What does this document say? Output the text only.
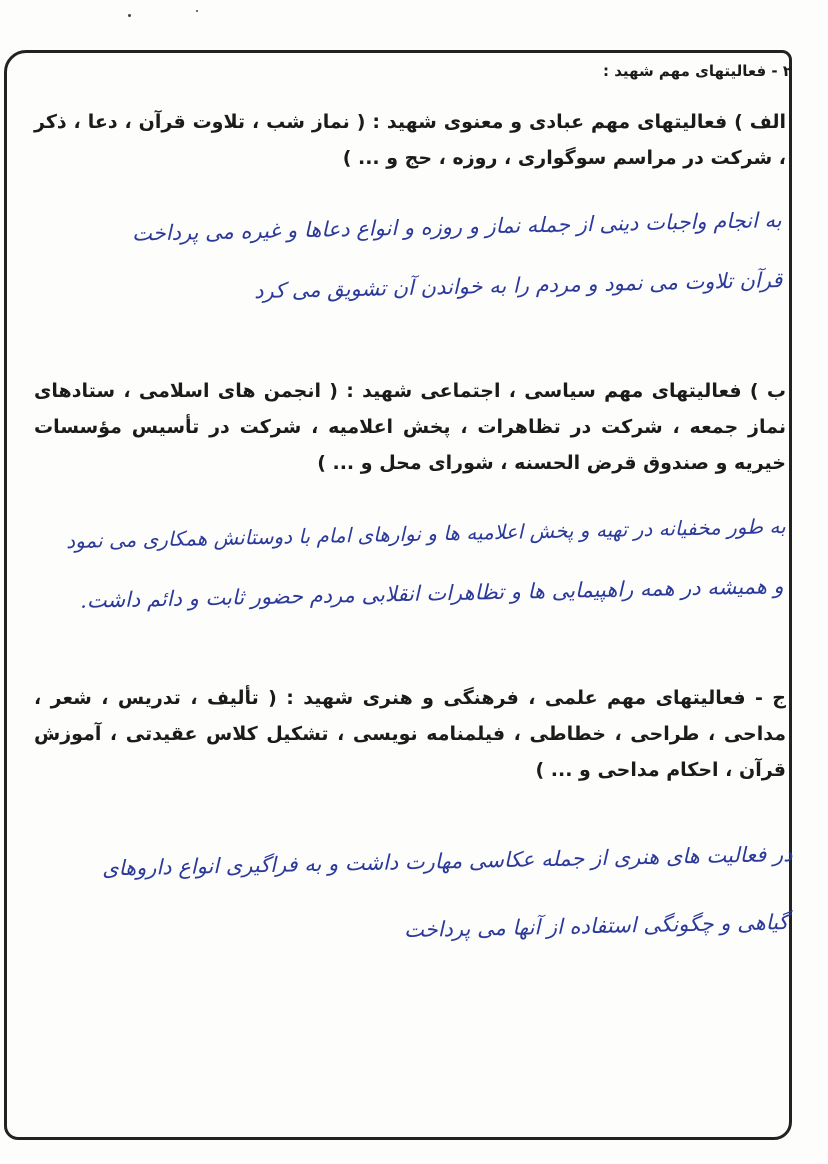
۲ - فعالیتهای مهم شهید :
الف ) فعالیتهای مهم عبادی و معنوی شهید : ( نماز شب ، تلاوت قرآن ، دعا ، ذکر ، شرکت در مراسم سوگواری ، روزه ، حج و ... )
به انجام واجبات دینی از جمله نماز و روزه و انواع دعاها و غیره می پرداخت
قرآن تلاوت می نمود و مردم را به خواندن آن تشویق می کرد
ب ) فعالیتهای مهم سیاسی ، اجتماعی شهید : ( انجمن های اسلامی ، ستادهای نماز جمعه ، شرکت در تظاهرات ، پخش اعلامیه ، شرکت در تأسیس مؤسسات خیریه و صندوق قرض الحسنه ، شورای محل و ... )
به طور مخفیانه در تهیه و پخش اعلامیه ها و نوارهای امام با دوستانش همکاری می نمود
و همیشه در همه راهپیمایی ها و تظاهرات انقلابی مردم حضور ثابت و دائم داشت.
ج - فعالیتهای مهم علمی ، فرهنگی و هنری شهید : ( تألیف ، تدریس ، شعر ، مداحی ، طراحی ، خطاطی ، فیلمنامه نویسی ، تشکیل کلاس عقیدتی ، آموزش قرآن ، احکام مداحی و ... )
در فعالیت های هنری از جمله عکاسی مهارت داشت و به فراگیری انواع داروهای
گیاهی و چگونگی استفاده از آنها می پرداخت
